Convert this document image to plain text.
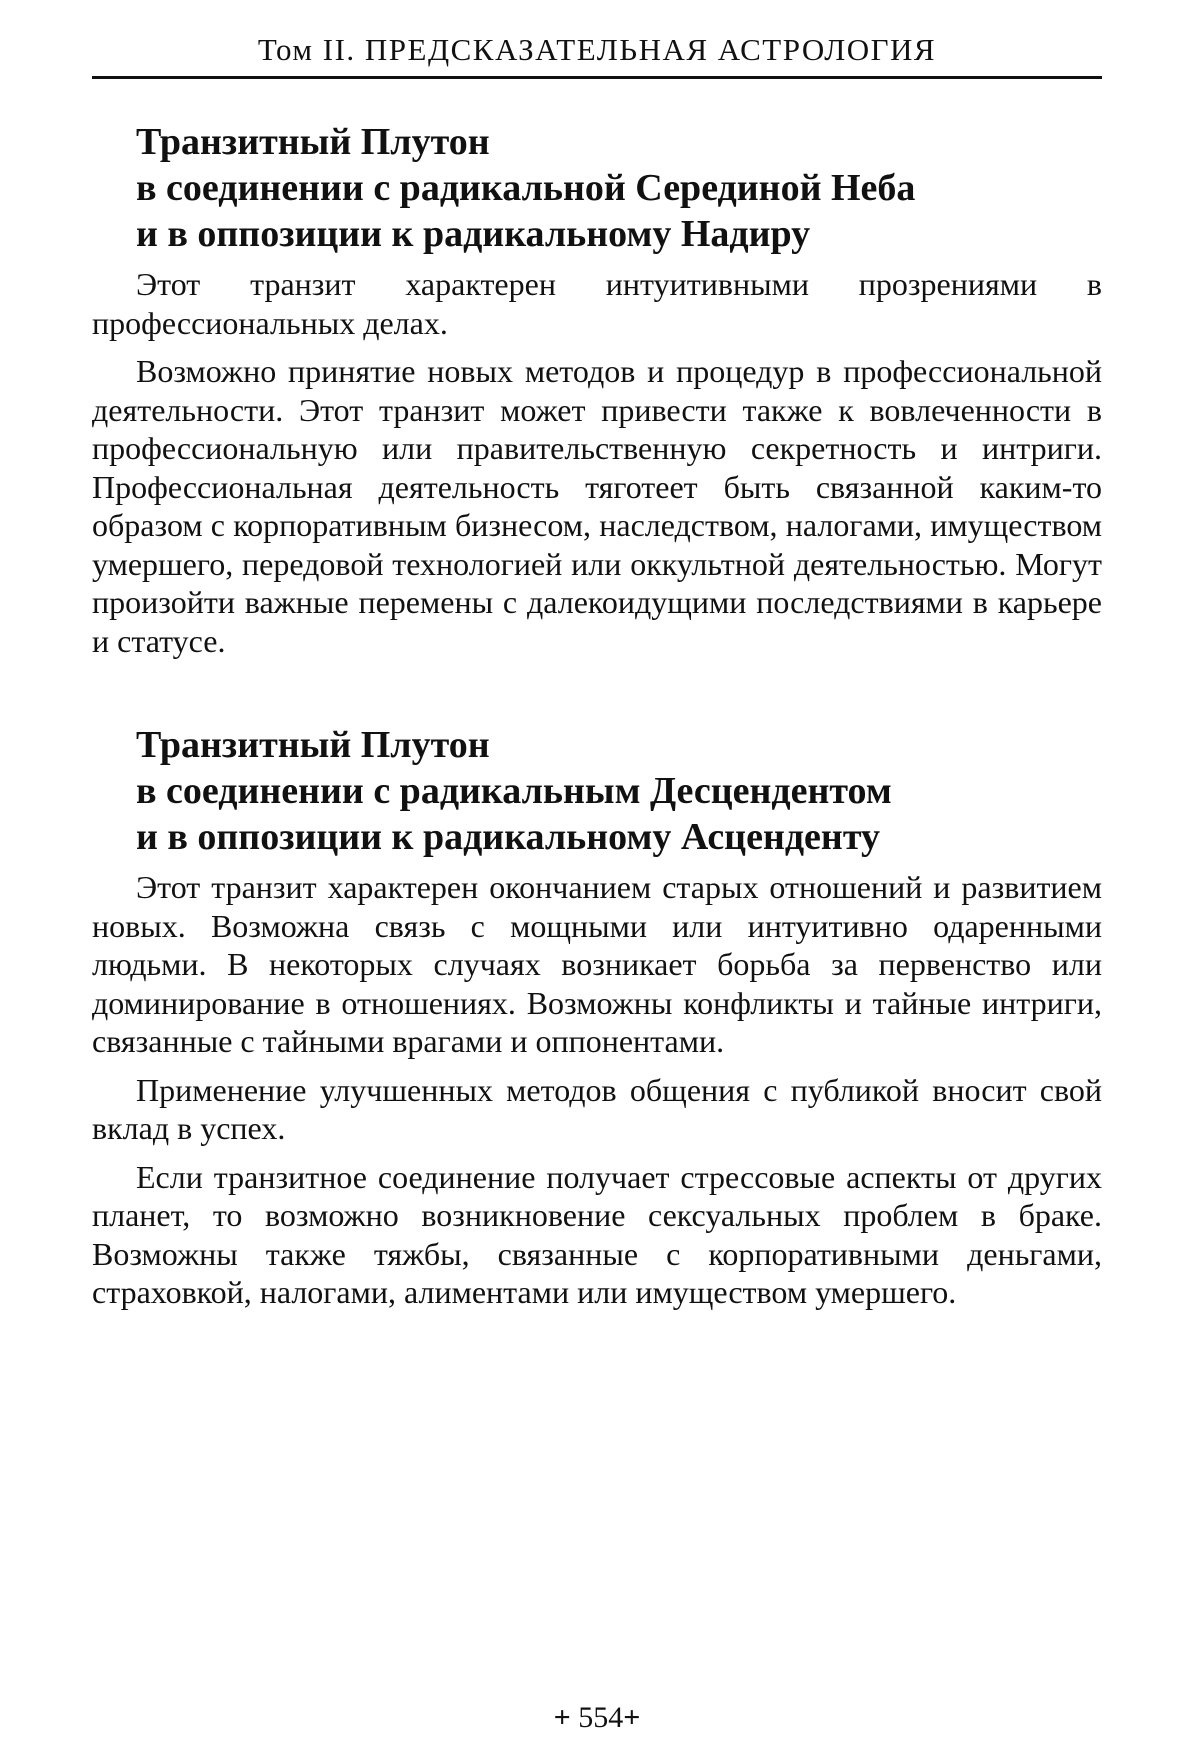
Том II. ПРЕДСКАЗАТЕЛЬНАЯ АСТРОЛОГИЯ
Транзитный Плутон
в соединении с радикальной Серединой Неба
и в оппозиции к радикальному Надиру

Этот транзит характерен интуитивными прозрениями в профессиональных делах.

Возможно принятие новых методов и процедур в профессиональной деятельности. Этот транзит может привести также к вовлеченности в профессиональную или правительственную секретность и интриги. Профессиональная деятельность тяготеет быть связанной каким-то образом с корпоративным бизнесом, наследством, налогами, имуществом умершего, передовой технологией или оккультной деятельностью. Могут произойти важные перемены с далекоидущими последствиями в карьере и статусе.

Транзитный Плутон
в соединении с радикальным Десцендентом
и в оппозиции к радикальному Асценденту

Этот транзит характерен окончанием старых отношений и развитием новых. Возможна связь с мощными или интуитивно одаренными людьми. В некоторых случаях возникает борьба за первенство или доминирование в отношениях. Возможны конфликты и тайные интриги, связанные с тайными врагами и оппонентами.

Применение улучшенных методов общения с публикой вносит свой вклад в успех.

Если транзитное соединение получает стрессовые аспекты от других планет, то возможно возникновение сексуальных проблем в браке. Возможны также тяжбы, связанные с корпоративными деньгами, страховкой, налогами, алиментами или имуществом умершего.

+ 554+
